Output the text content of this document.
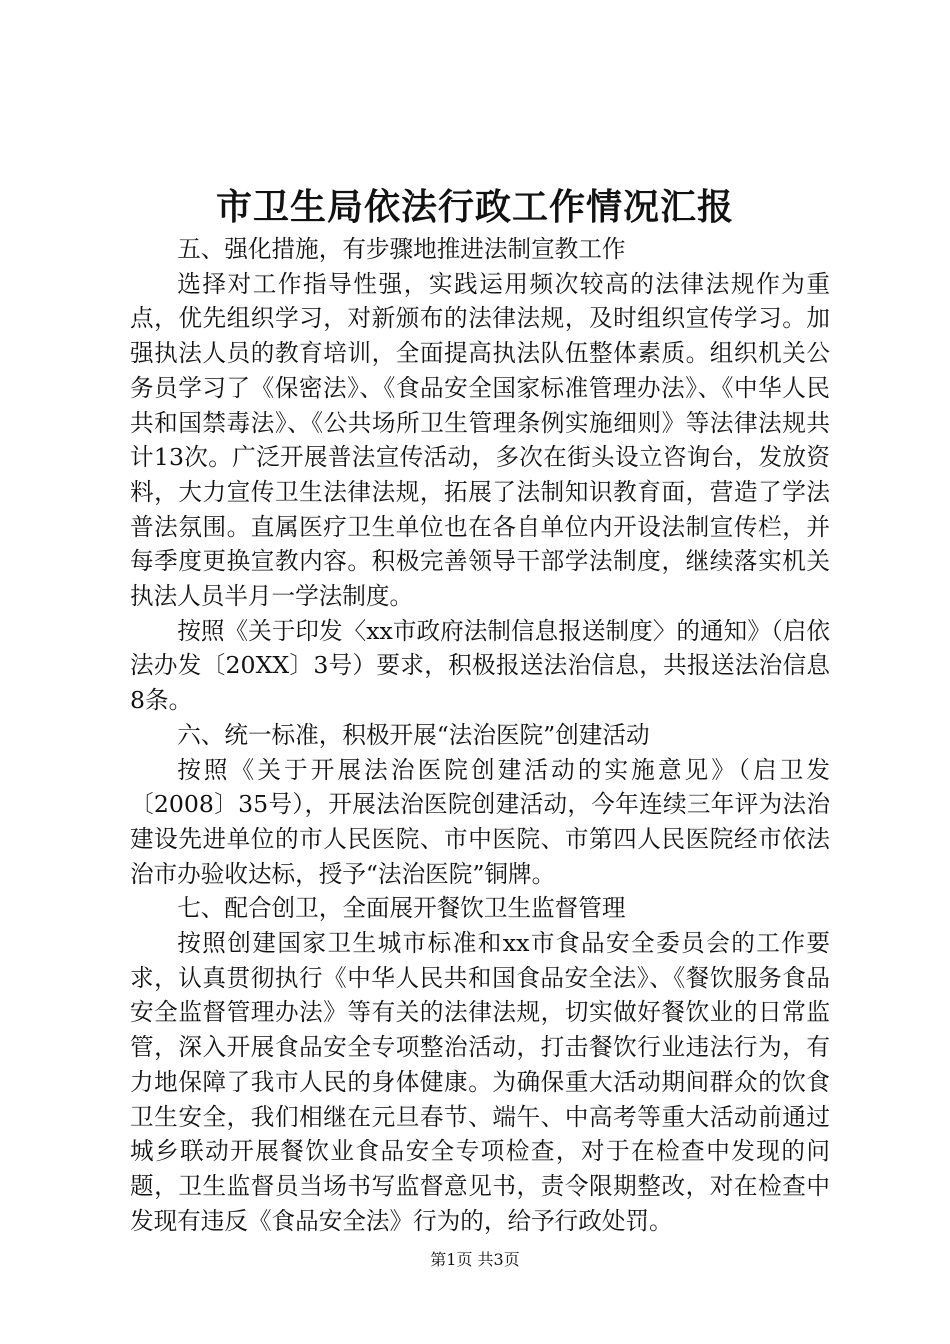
市卫生局依法行政工作情况汇报

五、强化措施，有步骤地推进法制宣教工作

选择对工作指导性强，实践运用频次较高的法律法规作为重点，优先组织学习，对新颁布的法律法规，及时组织宣传学习。加强执法人员的教育培训，全面提高执法队伍整体素质。组织机关公务员学习了《保密法》、《食品安全国家标准管理办法》、《中华人民共和国禁毒法》、《公共场所卫生管理条例实施细则》等法律法规共计13次。广泛开展普法宣传活动，多次在街头设立咨询台，发放资料，大力宣传卫生法律法规，拓展了法制知识教育面，营造了学法普法氛围。直属医疗卫生单位也在各自单位内开设法制宣传栏，并每季度更换宣教内容。积极完善领导干部学法制度，继续落实机关执法人员半月一学法制度。

按照《关于印发〈xx市政府法制信息报送制度〉的通知》（启依法办发〔20XX〕3号）要求，积极报送法治信息，共报送法治信息8条。

六、统一标准，积极开展“法治医院”创建活动

按照《关于开展法治医院创建活动的实施意见》（启卫发〔2008〕35号），开展法治医院创建活动，今年连续三年评为法治建设先进单位的市人民医院、市中医院、市第四人民医院经市依法治市办验收达标，授予“法治医院”铜牌。

七、配合创卫，全面展开餐饮卫生监督管理

按照创建国家卫生城市标准和xx市食品安全委员会的工作要求，认真贯彻执行《中华人民共和国食品安全法》、《餐饮服务食品安全监督管理办法》等有关的法律法规，切实做好餐饮业的日常监管，深入开展食品安全专项整治活动，打击餐饮行业违法行为，有力地保障了我市人民的身体健康。为确保重大活动期间群众的饮食卫生安全，我们相继在元旦春节、端午、中高考等重大活动前通过城乡联动开展餐饮业食品安全专项检查，对于在检查中发现的问题，卫生监督员当场书写监督意见书，责令限期整改，对在检查中发现有违反《食品安全法》行为的，给予行政处罚。

第1页 共3页
